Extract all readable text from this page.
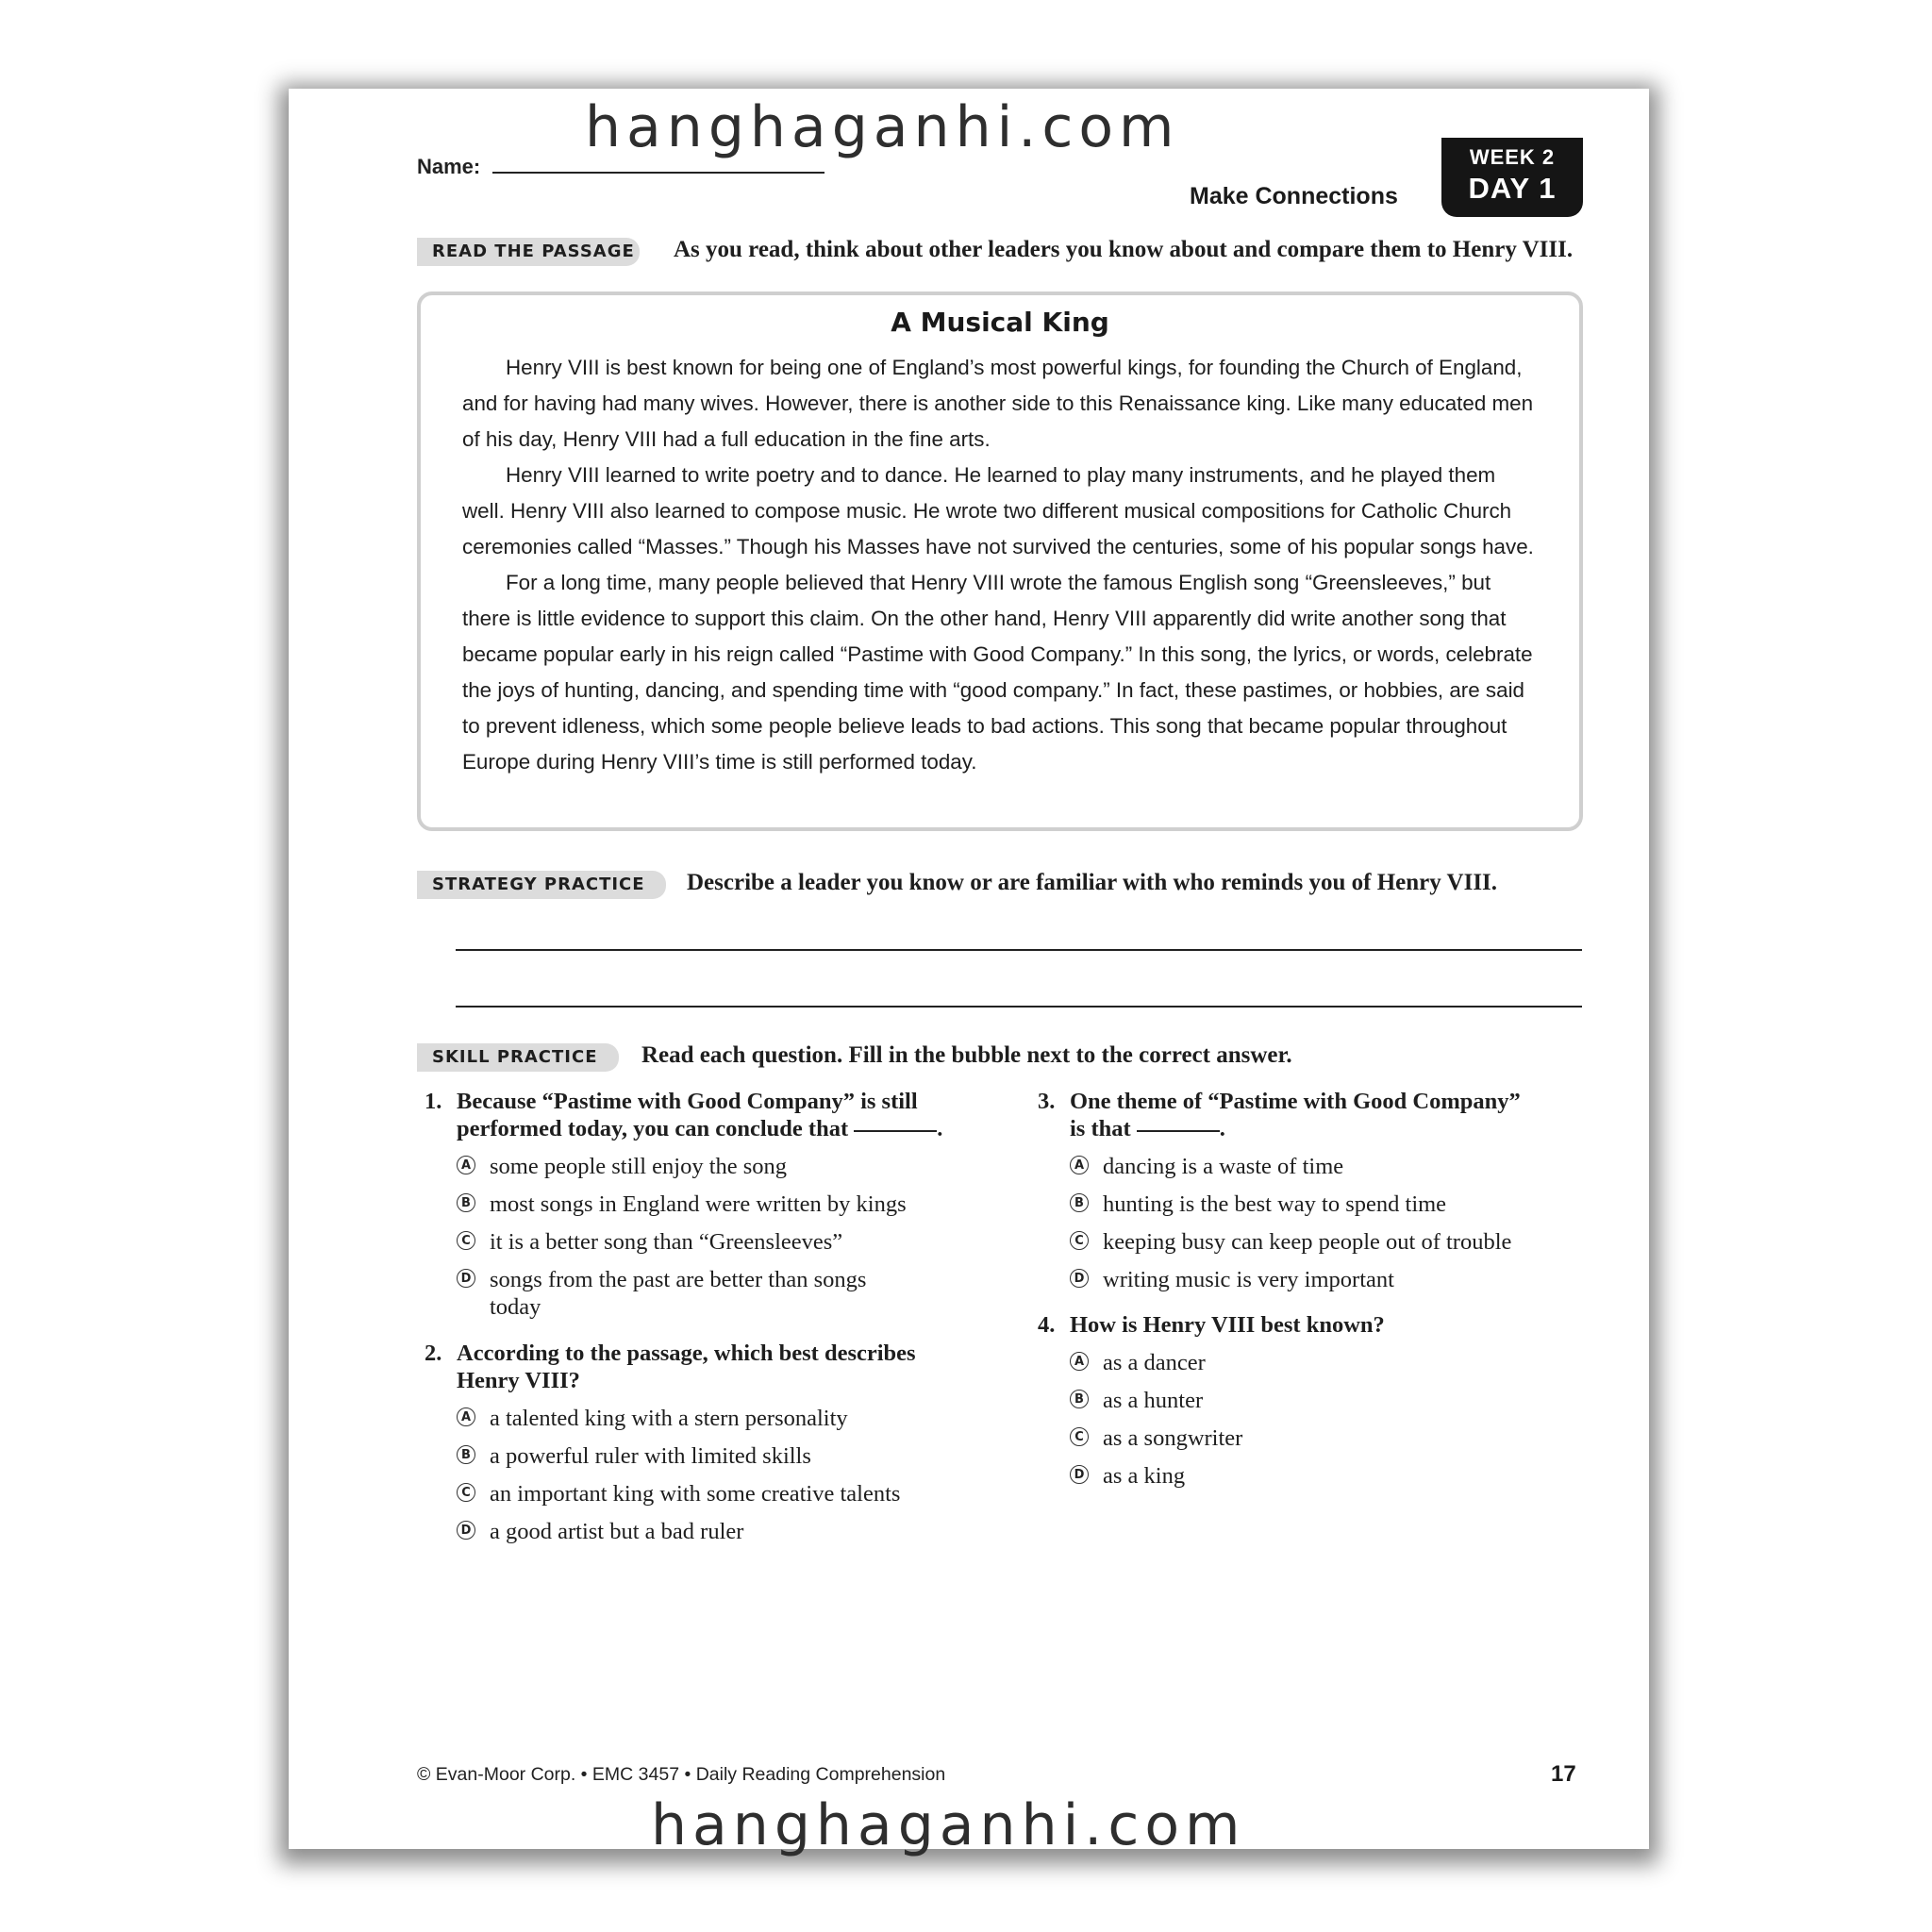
Name:
Make Connections
WEEK 2
DAY 1
READ THE PASSAGE As you read, think about other leaders you know about and compare them to Henry VIII.
A Musical King

Henry VIII is best known for being one of England’s most powerful kings, for founding the Church of England, and for having had many wives. However, there is another side to this Renaissance king. Like many educated men of his day, Henry VIII had a full education in the fine arts.

Henry VIII learned to write poetry and to dance. He learned to play many instruments, and he played them well. Henry VIII also learned to compose music. He wrote two different musical compositions for Catholic Church ceremonies called “Masses.” Though his Masses have not survived the centuries, some of his popular songs have.

For a long time, many people believed that Henry VIII wrote the famous English song “Greensleeves,” but there is little evidence to support this claim. On the other hand, Henry VIII apparently did write another song that became popular early in his reign called “Pastime with Good Company.” In this song, the lyrics, or words, celebrate the joys of hunting, dancing, and spending time with “good company.” In fact, these pastimes, or hobbies, are said to prevent idleness, which some people believe leads to bad actions. This song that became popular throughout Europe during Henry VIII’s time is still performed today.

STRATEGY PRACTICE	Describe a leader you know or are familiar with who reminds you of Henry VIII.
SKILL PRACTICE	Read each question. Fill in the bubble next to the correct answer.
1. Because “Pastime with Good Company” is still
performed today, you can conclude that	.
A some people still enjoy the song
B most songs in England were written by kings
C it is a better song than “Greensleeves”
D songs from the past are better than songs today
2. According to the passage, which best describes Henry VIII?
A a talented king with a stern personality
B a powerful ruler with limited skills
C an important king with some creative talents
D a good artist but a bad ruler
3. One theme of “Pastime with Good Company”
is that	.
A dancing is a waste of time
B hunting is the best way to spend time
C keeping busy can keep people out of trouble
D writing music is very important
4. How is Henry VIII best known?
A as a dancer
B as a hunter
C as a songwriter
D as a king
© Evan-Moor Corp. • EMC 3457 • Daily Reading Comprehension	17
hanghaganhi.com
hanghaganhi.com
